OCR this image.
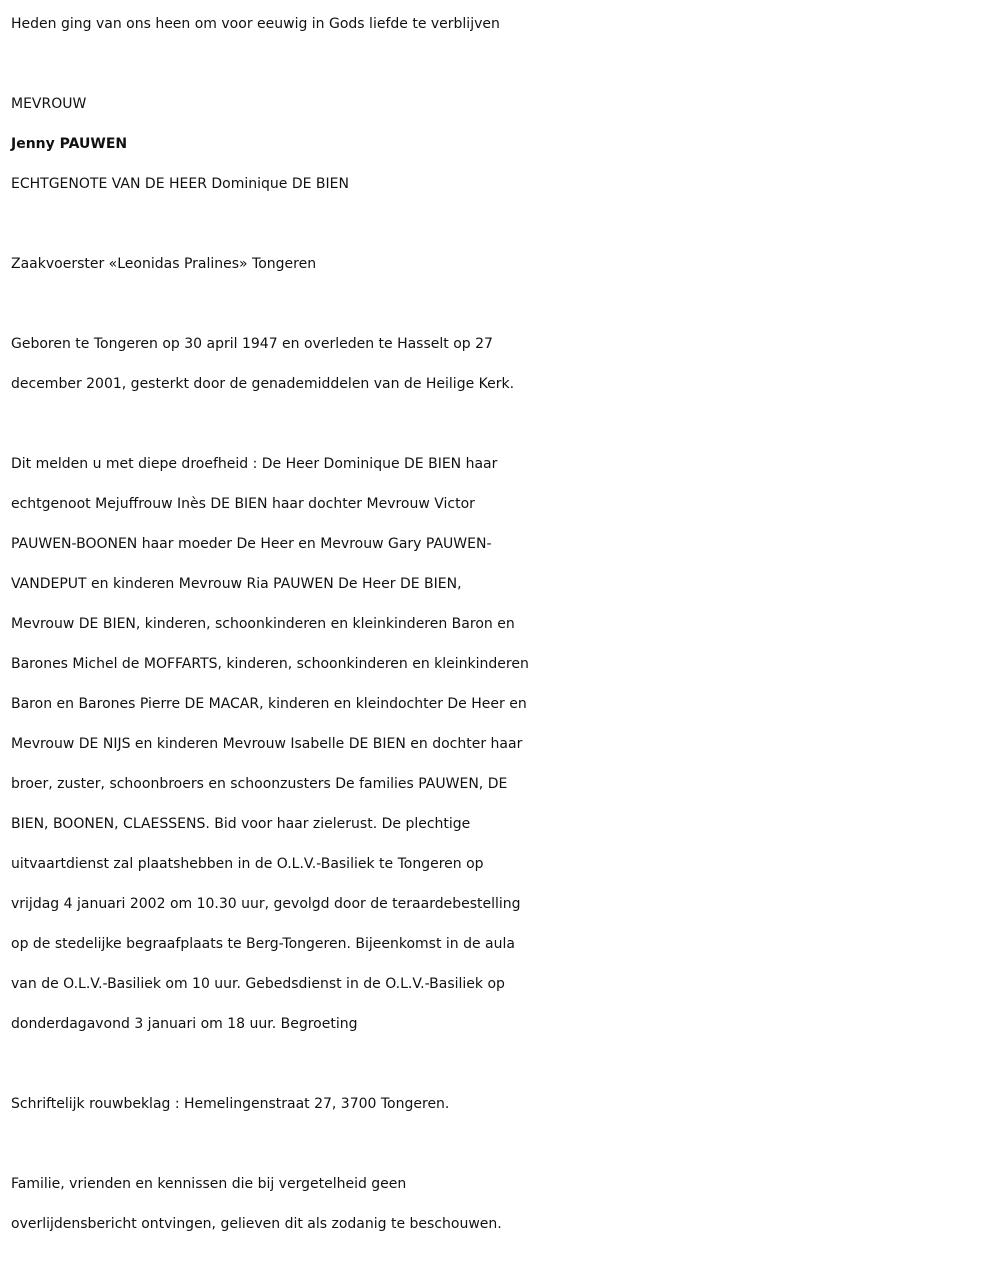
Heden ging van ons heen om voor eeuwig in Gods liefde te verblijven

MEVROUW

Jenny PAUWEN

ECHTGENOTE VAN DE HEER Dominique DE BIEN

Zaakvoerster «Leonidas Pralines» Tongeren

Geboren te Tongeren op 30 april 1947 en overleden te Hasselt op 27

december 2001, gesterkt door de genademiddelen van de Heilige Kerk.

Dit melden u met diepe droefheid : De Heer Dominique DE BIEN haar

echtgenoot Mejuffrouw Inès DE BIEN haar dochter Mevrouw Victor

PAUWEN-BOONEN haar moeder De Heer en Mevrouw Gary PAUWEN-

VANDEPUT en kinderen Mevrouw Ria PAUWEN De Heer DE BIEN,

Mevrouw DE BIEN, kinderen, schoonkinderen en kleinkinderen Baron en

Barones Michel de MOFFARTS, kinderen, schoonkinderen en kleinkinderen

Baron en Barones Pierre DE MACAR, kinderen en kleindochter De Heer en

Mevrouw DE NIJS en kinderen Mevrouw Isabelle DE BIEN en dochter haar

broer, zuster, schoonbroers en schoonzusters De families PAUWEN, DE

BIEN, BOONEN, CLAESSENS. Bid voor haar zielerust. De plechtige

uitvaartdienst zal plaatshebben in de O.L.V.-Basiliek te Tongeren op

vrijdag 4 januari 2002 om 10.30 uur, gevolgd door de teraardebestelling

op de stedelijke begraafplaats te Berg-Tongeren. Bijeenkomst in de aula

van de O.L.V.-Basiliek om 10 uur. Gebedsdienst in de O.L.V.-Basiliek op

donderdagavond 3 januari om 18 uur. Begroeting

Schriftelijk rouwbeklag : Hemelingenstraat 27, 3700 Tongeren.

Familie, vrienden en kennissen die bij vergetelheid geen

overlijdensbericht ontvingen, gelieven dit als zodanig te beschouwen.
